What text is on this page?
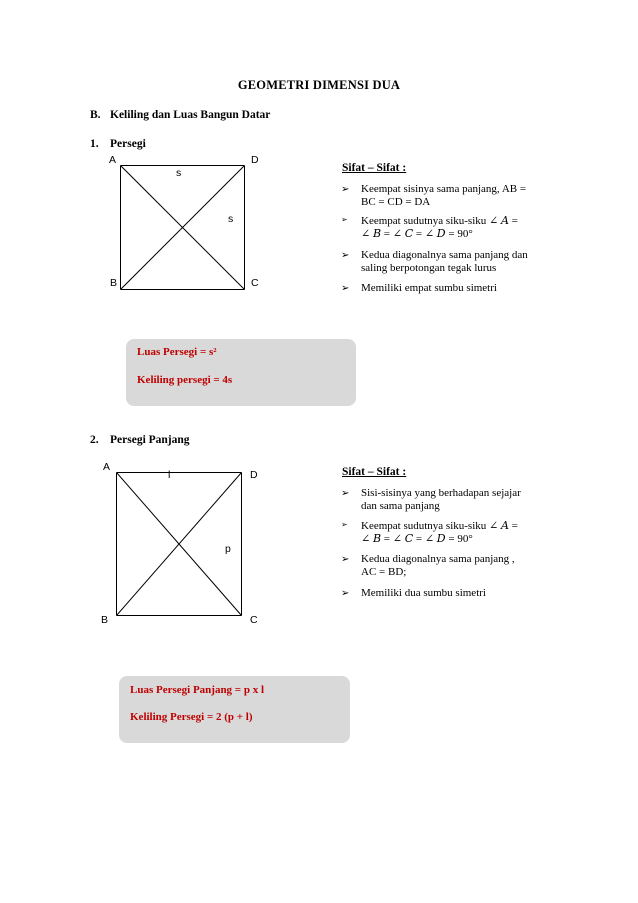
GEOMETRI DIMENSI DUA
B. Keliling dan Luas Bangun Datar
1. Persegi
A	D
B	C
s
s
Sifat – Sifat :
➢ Keempat sisinya sama panjang, AB =
BC = CD = DA
➢ Keempat sudutnya siku-siku ∠ 𝐴 =
∠ 𝐵 = ∠ 𝐶 = ∠ 𝐷 = 90°
➢ Kedua diagonalnya sama panjang dan
saling berpotongan tegak lurus
➢ Memiliki empat sumbu simetri
Luas Persegi = s²
Keliling persegi = 4s
2. Persegi Panjang
A
D
B	C
l
p
Sifat – Sifat :
➢ Sisi-sisinya yang berhadapan sejajar
dan sama panjang
➢ Keempat sudutnya siku-siku ∠ 𝐴 =
∠ 𝐵 = ∠ 𝐶 = ∠ 𝐷 = 90°
➢ Kedua diagonalnya sama panjang ,
AC = BD;
➢ Memiliki dua sumbu simetri
Luas Persegi Panjang = p x l
Keliling Persegi = 2 (p + l)
